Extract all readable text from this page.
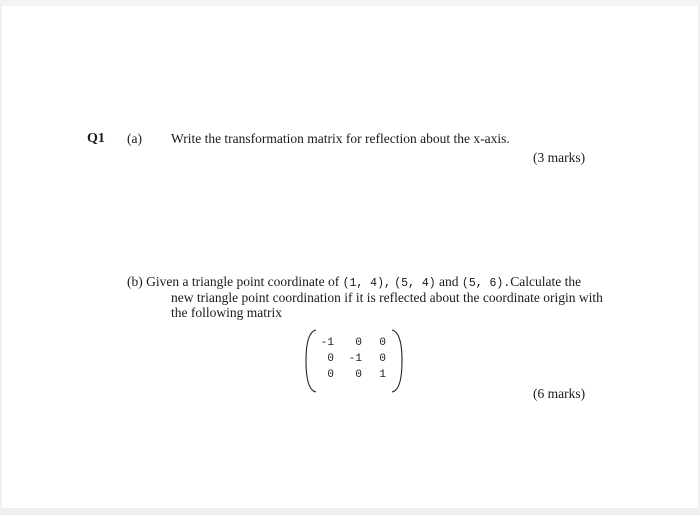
Q1 (a) Write the transformation matrix for reflection about the x-axis.
(3 marks)
(b) Given a triangle point coordinate of (1, 4), (5, 4) and (5, 6).Calculate the
new triangle point coordination if it is reflected about the coordinate origin with
the following matrix
-1	0	0
0	-1	0
0	0	1
(6 marks)
